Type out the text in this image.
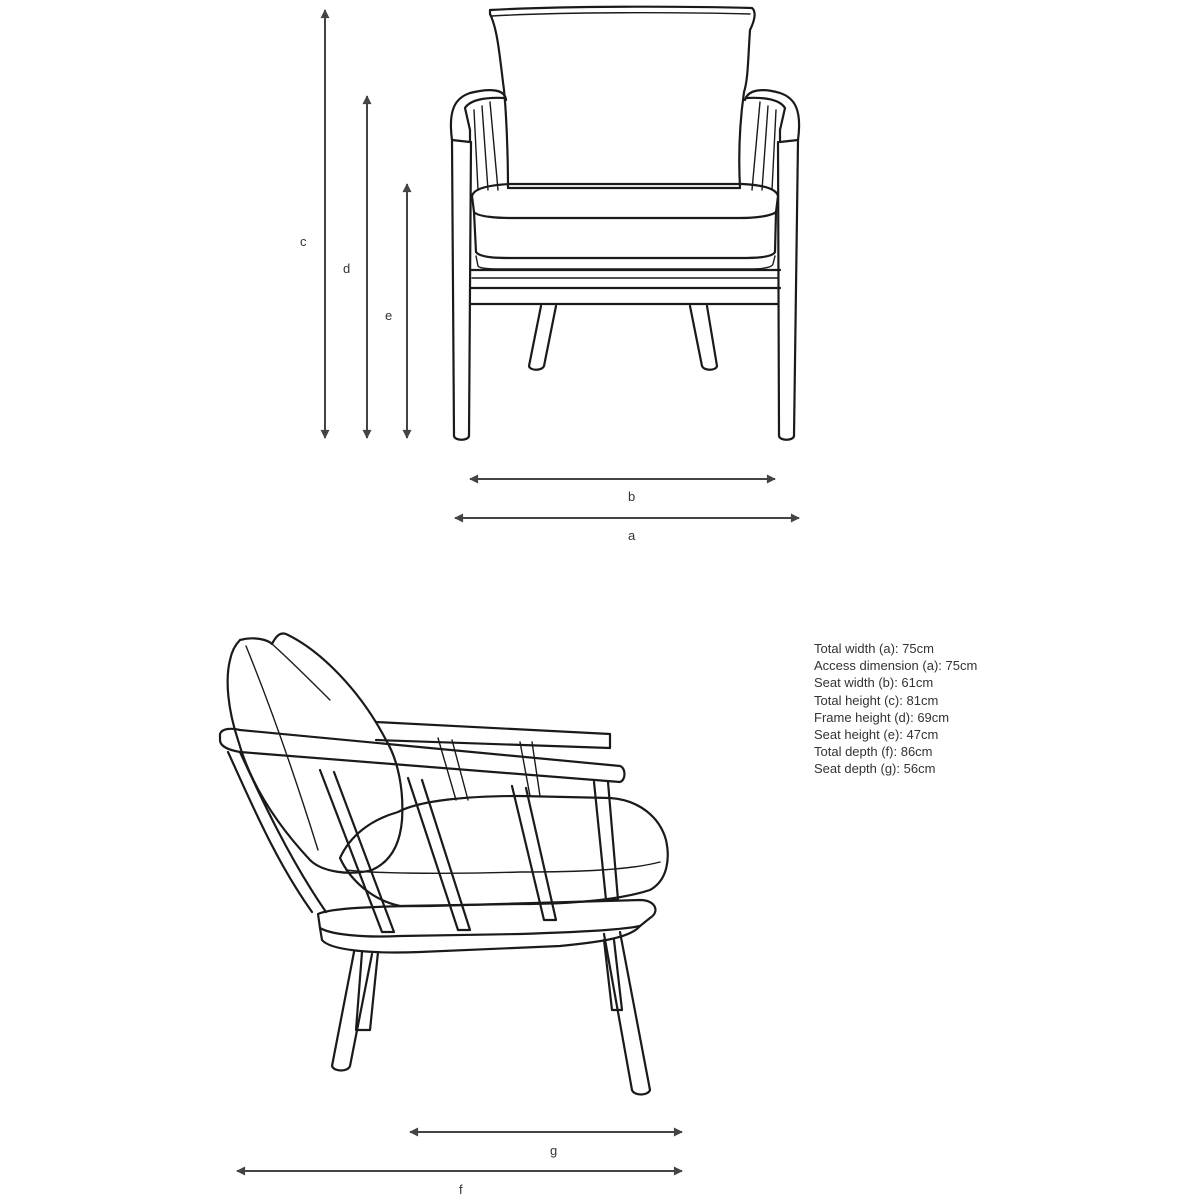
c
d
e
b
a
g
f
Total width (a): 75cm
Access dimension (a): 75cm
Seat width (b): 61cm
Total height (c): 81cm
Frame height (d): 69cm
Seat height (e): 47cm
Total depth (f): 86cm
Seat depth (g): 56cm
